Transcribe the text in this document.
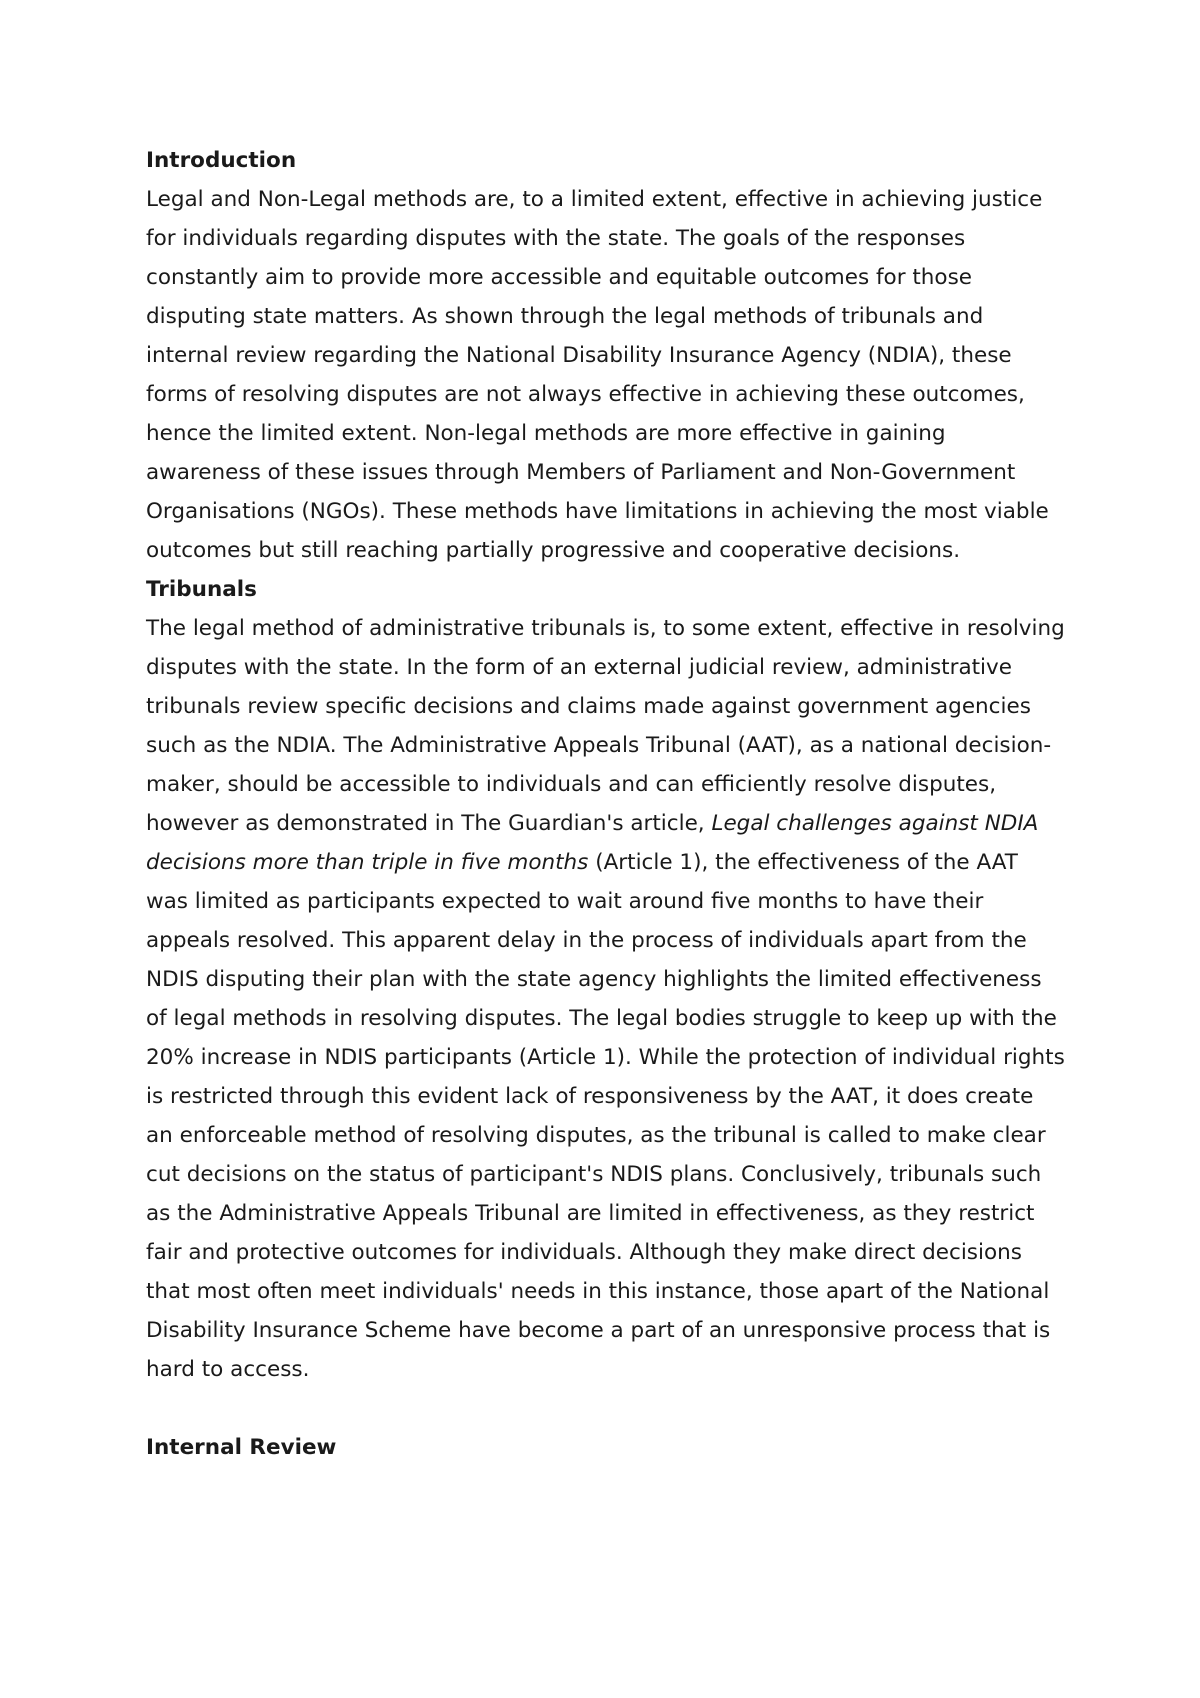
Introduction

Legal and Non-Legal methods are, to a limited extent, effective in achieving justice for individuals regarding disputes with the state. The goals of the responses constantly aim to provide more accessible and equitable outcomes for those disputing state matters. As shown through the legal methods of tribunals and internal review regarding the National Disability Insurance Agency (NDIA), these forms of resolving disputes are not always effective in achieving these outcomes, hence the limited extent. Non-legal methods are more effective in gaining awareness of these issues through Members of Parliament and Non-Government Organisations (NGOs). These methods have limitations in achieving the most viable outcomes but still reaching partially progressive and cooperative decisions.

Tribunals

The legal method of administrative tribunals is, to some extent, effective in resolving disputes with the state. In the form of an external judicial review, administrative tribunals review specific decisions and claims made against government agencies such as the NDIA. The Administrative Appeals Tribunal (AAT), as a national decision-maker, should be accessible to individuals and can efficiently resolve disputes, however as demonstrated in The Guardian's article, Legal challenges against NDIA decisions more than triple in five months (Article 1), the effectiveness of the AAT was limited as participants expected to wait around five months to have their appeals resolved. This apparent delay in the process of individuals apart from the NDIS disputing their plan with the state agency highlights the limited effectiveness of legal methods in resolving disputes. The legal bodies struggle to keep up with the 20% increase in NDIS participants (Article 1). While the protection of individual rights is restricted through this evident lack of responsiveness by the AAT, it does create an enforceable method of resolving disputes, as the tribunal is called to make clear cut decisions on the status of participant's NDIS plans. Conclusively, tribunals such as the Administrative Appeals Tribunal are limited in effectiveness, as they restrict fair and protective outcomes for individuals. Although they make direct decisions that most often meet individuals' needs in this instance, those apart of the National Disability Insurance Scheme have become a part of an unresponsive process that is hard to access.

Internal Review
